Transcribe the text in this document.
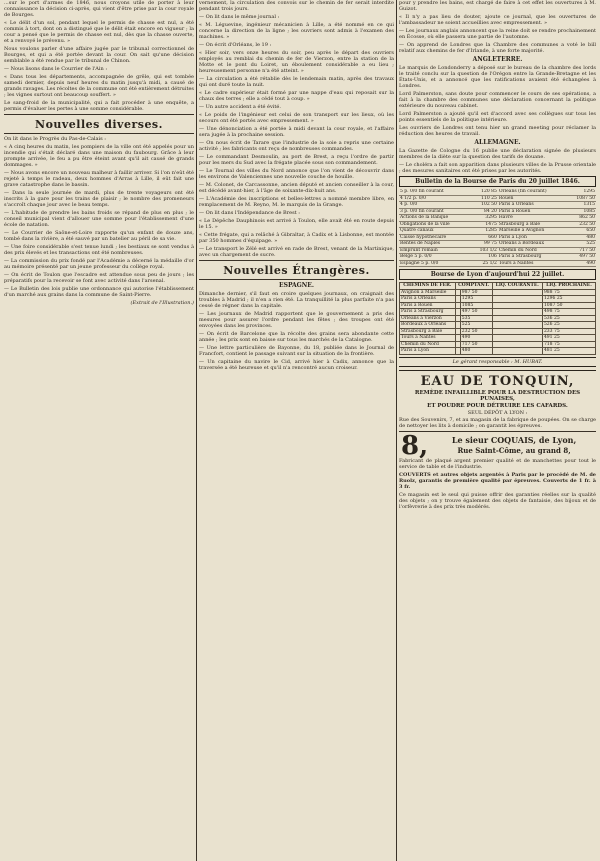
...sur le port d'armes de 1846, nous croyons utile de porter à leur connaissance la décision ci-après, qui vient d'être prise par la cour royale de Bourges.

« Le délit d'un sol, pendant lequel le permis de chasse est nul, a été commis à tort, dont on a distingué que le délit était encore en vigueur ; la cour a pensé que le permis de chasse est nul, dès que la chasse ouverte, et a renvoyé le prévenu. »

Nous voulons parler d'une affaire jugée par le tribunal correctionnel de Bourges, et qui a été portée devant la cour. On sait qu'une décision semblable a été rendue par le tribunal de Chinon.

— Nous lisons dans le Courrier de l'Ain :

« Dans tous les départements, accompagnée de grêle, qui est tombée samedi dernier, depuis neuf heures du matin jusqu'à midi, a causé de grands ravages. Les récoltes de la commune ont été entièrement détruites ; les vignes surtout ont beaucoup souffert. »

Le sang-froid de la municipalité, qui a fait procéder à une enquête, a permis d'évaluer les pertes à une somme considérable.

Nouvelles diverses.

On lit dans le Progrès du Pas-de-Calais :

« A cinq heures du matin, les pompiers de la ville ont été appelés pour un incendie qui s'était déclaré dans une maison du faubourg. Grâce à leur prompte arrivée, le feu a pu être éteint avant qu'il ait causé de grands dommages. »

— Nous avons encore un nouveau malheur à faillir arriver. Si l'on n'eût été rejeté à temps le radeau, deux hommes d'Arras à Lille, il eût fait une grave catastrophe dans le bassin.

— Dans la seule journée de mardi, plus de trente voyageurs ont été inscrits à la gare pour les trains de plaisir ; le nombre des promeneurs s'accroît chaque jour avec le beau temps.

— L'habitude de prendre les bains froids se répand de plus en plus ; le conseil municipal vient d'allouer une somme pour l'établissement d'une école de natation.

— Le Courrier de Saône-et-Loire rapporte qu'un enfant de douze ans, tombé dans la rivière, a été sauvé par un batelier au péril de sa vie.

— Une foire considérable s'est tenue lundi ; les bestiaux se sont vendus à des prix élevés et les transactions ont été nombreuses.

— La commission du prix fondé par l'Académie a décerné la médaille d'or au mémoire présenté par un jeune professeur du collège royal.

— On écrit de Toulon que l'escadre est attendue sous peu de jours ; les préparatifs pour la recevoir se font avec activité dans l'arsenal.

— Le Bulletin des lois publie une ordonnance qui autorise l'établissement d'un marché aux grains dans la commune de Saint-Pierre.

(Extrait de l'Illustration.)

vernement, la circulation des convois sur le chemin de fer serait interdite pendant trois jours.

— On lit dans le même journal :

« M. Léguevine, ingénieur mécanicien à Lille, a été nommé en ce qui concerne la direction de la ligne ; les ouvriers sont admis à l'examen des machines. »

— On écrit d'Orléans, le 19 :

« Hier soir, vers onze heures du soir, peu après le départ des ouvriers employés au remblai du chemin de fer de Vierzon, entre la station de la Motte et le pont du Loiret, un éboulement considérable a eu lieu ; heureusement personne n'a été atteint. »

— La circulation a été rétablie dès le lendemain matin, après des travaux qui ont duré toute la nuit.

« Le cadre supérieur était formé par une nappe d'eau qui reposait sur la chaux des terres ; elle a cédé tout à coup. »

— Un autre accident a été évité.

« Le poids de l'ingénieur est celui de son transport sur les lieux, où les secours ont été portés avec empressement. »

— Une dénonciation a été portée à midi devant la cour royale, et l'affaire sera jugée à la prochaine session.

— On nous écrit de Tarare que l'industrie de la soie a repris une certaine activité ; les fabricants ont reçu de nombreuses commandes.

— Le commandant Desmoulin, au port de Brest, a reçu l'ordre de partir pour les mers du Sud avec la frégate placée sous son commandement.

— Le Tournal des villes du Nord annonce que l'on vient de découvrir dans les environs de Valenciennes une nouvelle couche de houille.

— M. Colonet, de Carcassonne, ancien député et ancien conseiller à la cour, est décédé avant-hier, à l'âge de soixante-dix-huit ans.

— L'Académie des inscriptions et belles-lettres a nommé membre libre, en remplacement de M. Reyno, M. le marquis de la Grange.

— On lit dans l'Indépendance de Brest :

« Le Dépêche Dauphinois est arrivé à Toulon, elle avait été en route depuis le 15. »

« Cette frégate, qui a relâché à Gibraltar, à Cadix et à Lisbonne, est montée par 350 hommes d'équipage. »

— Le transport le Zélé est arrivé en rade de Brest, venant de la Martinique, avec un chargement de sucre.

Nouvelles Étrangères.
ESPAGNE.

Dimanche dernier, s'il faut en croire quelques journaux, on craignait des troubles à Madrid ; il n'en a rien été. La tranquillité la plus parfaite n'a pas cessé de régner dans la capitale.

— Les journaux de Madrid rapportent que le gouvernement a pris des mesures pour assurer l'ordre pendant les fêtes ; des troupes ont été envoyées dans les provinces.

— On écrit de Barcelone que la récolte des grains sera abondante cette année ; les prix sont en baisse sur tous les marchés de la Catalogne.

— Une lettre particulière de Bayonne, du 18, publiée dans le Journal de Francfort, contient le passage suivant sur la situation de la frontière.

— Un capitaine du navire le Cid, arrivé hier à Cadix, annonce que la traversée a été heureuse et qu'il n'a rencontré aucun croiseur.

pour y prendre les bains, est chargé de faire à cet effet les ouvertures à M. Guizot.

« Il n'y a pas lieu de douter, ajoute ce journal, que les ouvertures de l'ambassadeur ne soient accueillies avec empressement. »

— Les journaux anglais annoncent que la reine doit se rendre prochainement en Écosse, où elle passera une partie de l'automne.

— On apprend de Londres que la Chambre des communes a voté le bill relatif aux chemins de fer d'Irlande, à une forte majorité.

ANGLETERRE.

Le marquis de Londonderry a déposé sur le bureau de la chambre des lords le traité conclu sur la question de l'Orégon entre la Grande-Bretagne et les États-Unis, et a annoncé que les ratifications avaient été échangées à Londres.

Lord Palmerston, sans doute pour commencer le cours de ses opérations, a fait à la chambre des communes une déclaration concernant la politique extérieure du nouveau cabinet.

Lord Palmerston a ajouté qu'il est d'accord avec ses collègues sur tous les points essentiels de la politique intérieure.

Les ouvriers de Londres ont tenu hier un grand meeting pour réclamer la réduction des heures de travail.

ALLEMAGNE.

La Gazette de Cologne du 16 publie une déclaration signée de plusieurs membres de la diète sur la question des tarifs de douane.

— Le choléra a fait son apparition dans plusieurs villes de la Prusse orientale ; des mesures sanitaires ont été prises par les autorités.

Bulletin de la Bourse de Paris du 20 juillet 1846.
5 p. 0/0 fin courant	120 85	Orléans (fin courant)	1295
4 1/2 p. 0/0	110 25	Rouen	1087 50
4 p. 0/0	102 50	Paris à Orléans	1315
3 p. 0/0 fin courant	84 20	Paris à Rouen	1085
Actions de la Banque	3295	Havre	862 50
Obligations de la ville	1475	Strasbourg à Bâle	232 50
Quatre canaux	1285	Marseille à Avignon	650
Caisse hypothécaire	660	Paris à Lyon	480
Rentes de Naples	99 75	Orléans à Bordeaux	525
Emprunt romain	103 1/2	Chemin du Nord	717 50
Belge 5 p. 0/0	106	Paris à Strasbourg	497 50
Espagne 5 p. 0/0	25 1/2	Tours à Nantes	490
Bourse de Lyon d'aujourd'hui 22 juillet.
CHEMINS DE FER.	COMPTANT.		LIQ. COURANTE.	LIQ. PROCHAINE.
Avignon à Marseille		987 50		988 75
Paris à Orléans		1295		1296 25
Paris à Rouen		1085		1087 50
Paris à Strasbourg		497 50		498 75
Orléans à Vierzon		535		536 25
Bordeaux à Orléans		525		526 25
Strasbourg à Bâle		232 50		233 75
Tours à Nantes		490		491 25
Chemin du Nord		717 50		718 75
Paris à Lyon		480		481 25
Le gérant responsable : M. HUBAT.
EAU DE TONQUIN,
REMÈDE INFAILLIBLE POUR LA DESTRUCTION DES PUNAISES,
ET POUDRE POUR DÉTRUIRE LES CAFARDS.
SEUL DÉPÔT A LYON :

Rue des Souvenirs, 7, et au magasin de la fabrique de poupées. On se charge de nettoyer les lits à domicile ; on garantit les épreuves.

8,	Le sieur COQUAIS, de Lyon,
Rue Saint-Côme, au grand 8,

Fabricant de plaqué argent premier qualité et de manchettes pour tout le service de table et de l'industrie.

COUVERTS et autres objets argentés à Paris par le procédé de M. de Ruolz, garantis de première qualité par épreuves. Couverts de 1 fr. à 3 fr.

Ce magasin est le seul qui puisse offrir des garanties réelles sur la qualité des objets ; on y trouve également des objets de fantaisie, des bijoux et de l'orfèvrerie à des prix très modérés.
